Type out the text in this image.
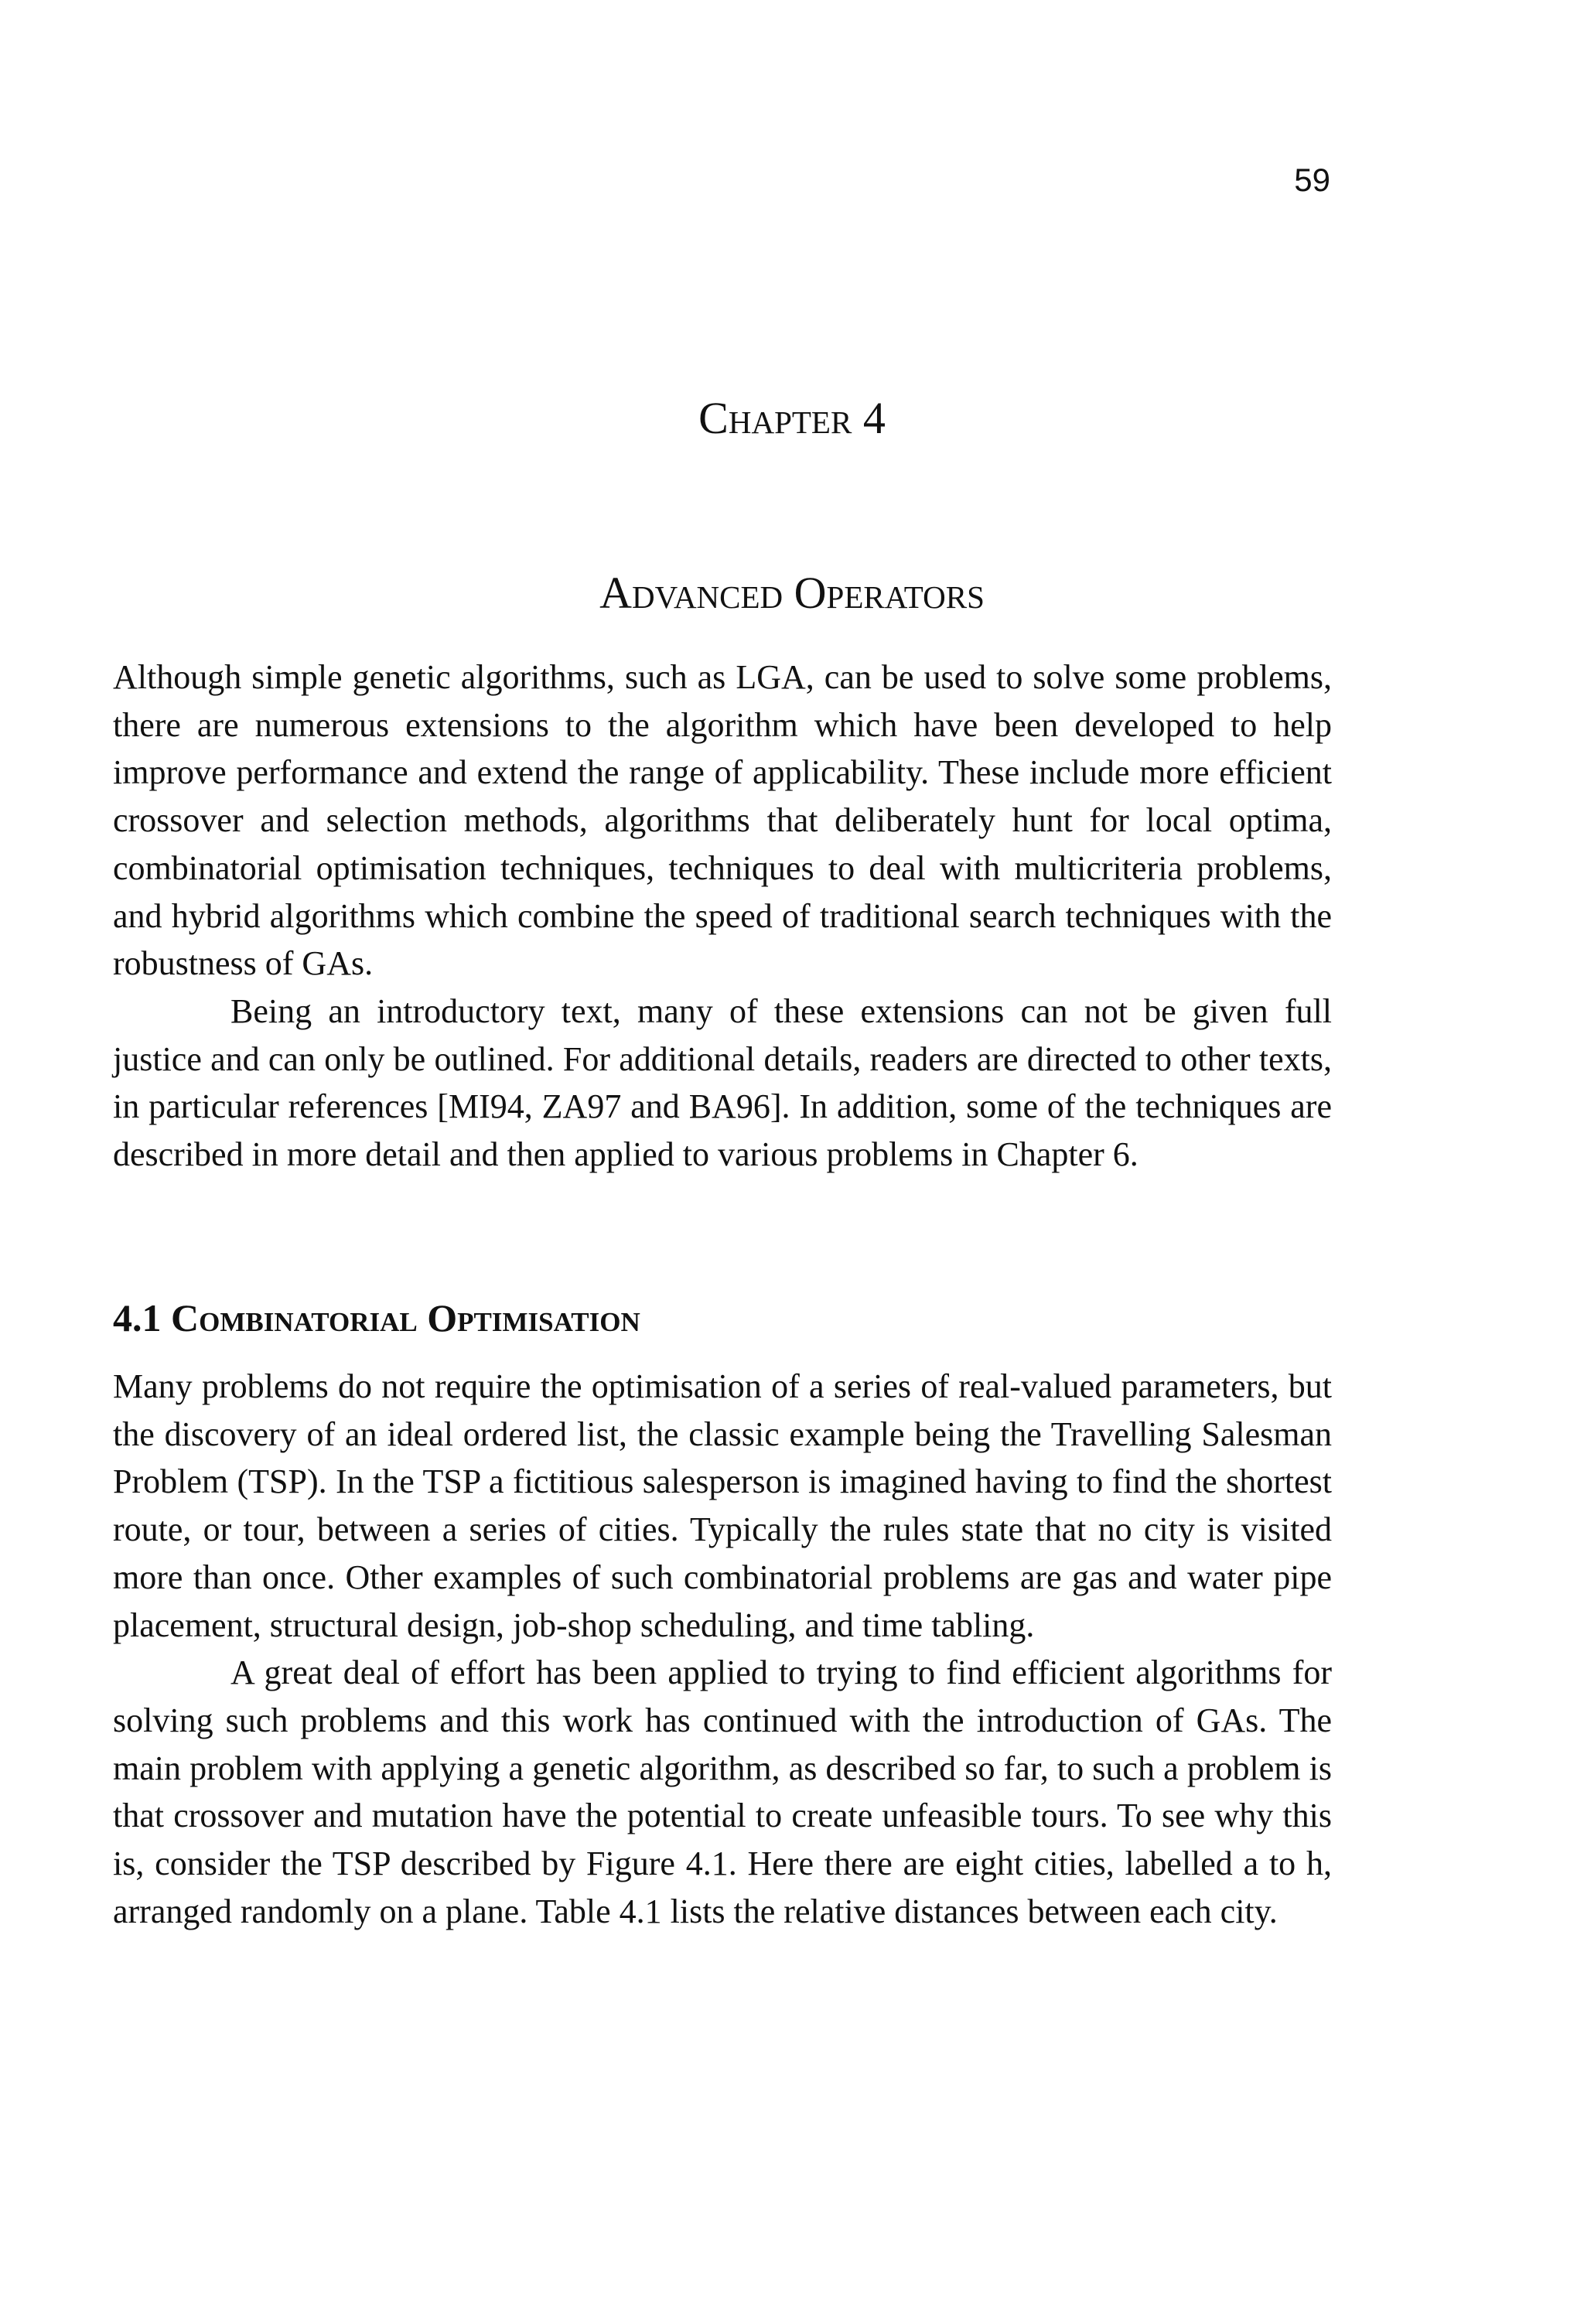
59
Chapter 4
Advanced Operators

Although simple genetic algorithms, such as LGA, can be used to solve some problems, there are numerous extensions to the algorithm which have been developed to help improve performance and extend the range of applicability. These include more efficient crossover and selection methods, algorithms that deliberately hunt for local optima, combinatorial optimisation techniques, techniques to deal with multicriteria problems, and hybrid algorithms which combine the speed of traditional search techniques with the robustness of GAs.

Being an introductory text, many of these extensions can not be given full justice and can only be outlined. For additional details, readers are directed to other texts, in particular references [MI94, ZA97 and BA96]. In addition, some of the techniques are described in more detail and then applied to various problems in Chapter 6.

4.1 Combinatorial Optimisation

Many problems do not require the optimisation of a series of real-valued parameters, but the discovery of an ideal ordered list, the classic example being the Travelling Salesman Problem (TSP). In the TSP a fictitious salesperson is imagined having to find the shortest route, or tour, between a series of cities. Typically the rules state that no city is visited more than once. Other examples of such combinatorial problems are gas and water pipe placement, structural design, job-shop scheduling, and time tabling.

A great deal of effort has been applied to trying to find efficient algorithms for solving such problems and this work has continued with the introduction of GAs. The main problem with applying a genetic algorithm, as described so far, to such a problem is that crossover and mutation have the potential to create unfeasible tours. To see why this is, consider the TSP described by Figure 4.1. Here there are eight cities, labelled a to h, arranged randomly on a plane. Table 4.1 lists the relative distances between each city.
